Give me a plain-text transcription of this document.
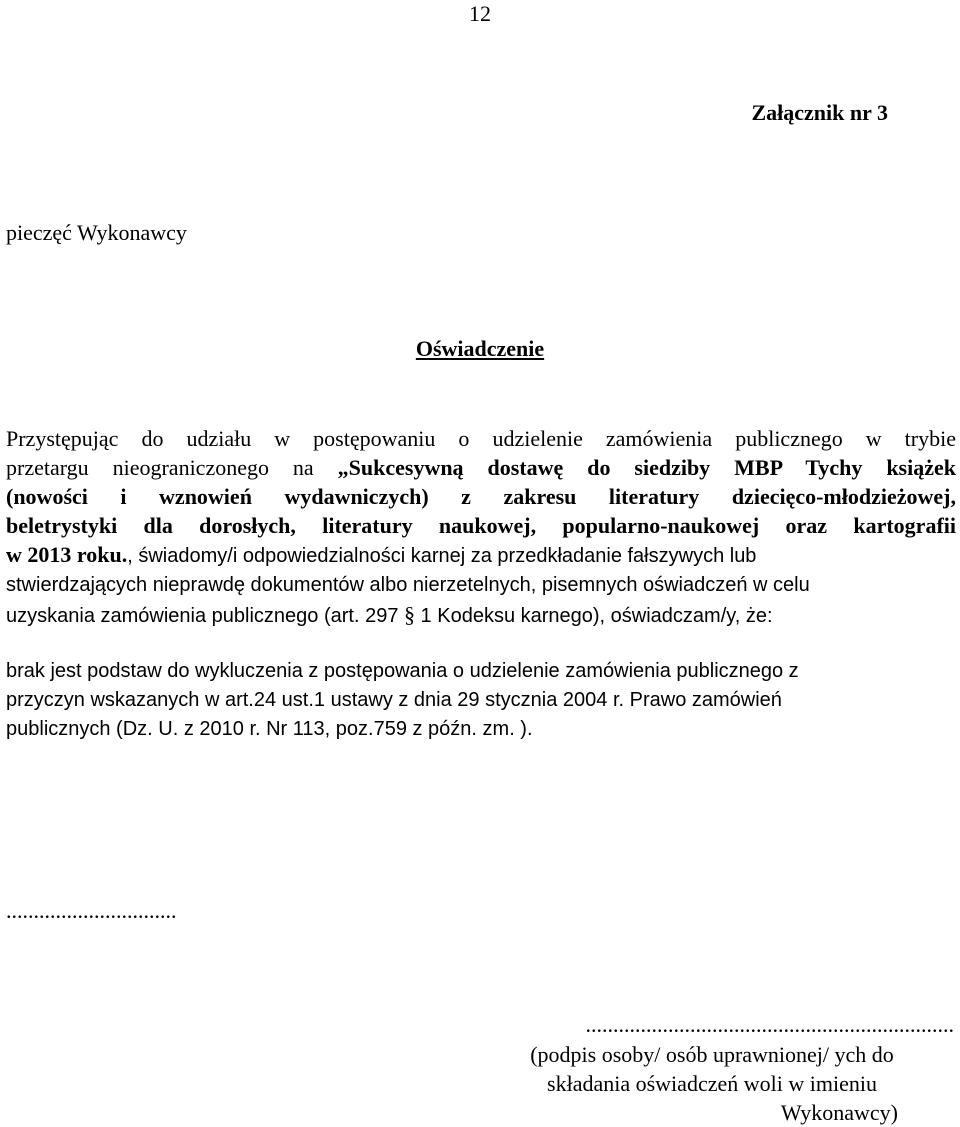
12
Załącznik nr 3
pieczęć Wykonawcy
Oświadczenie
Przystępując do udziału w postępowaniu o udzielenie zamówienia publicznego w trybie
przetargu nieograniczonego na „Sukcesywną dostawę do siedziby MBP Tychy książek
(nowości i wznowień wydawniczych) z zakresu literatury dziecięco-młodzieżowej,
beletrystyki dla dorosłych, literatury naukowej, popularno-naukowej oraz kartografii
w 2013 roku., świadomy/i odpowiedzialności karnej za przedkładanie fałszywych lub
stwierdzających nieprawdę dokumentów albo nierzetelnych, pisemnych oświadczeń w celu
uzyskania zamówienia publicznego (art. 297 § 1 Kodeksu karnego), oświadczam/y, że:
brak jest podstaw do wykluczenia z postępowania o udzielenie zamówienia publicznego z
przyczyn wskazanych w art.24 ust.1 ustawy z dnia 29 stycznia 2004 r. Prawo zamówień
publicznych (Dz. U. z 2010 r. Nr 113, poz.759 z późn. zm. ).
...............................
...................................................................
(podpis osoby/ osób uprawnionej/ ych do
składania oświadczeń woli w imieniu
Wykonawcy)
